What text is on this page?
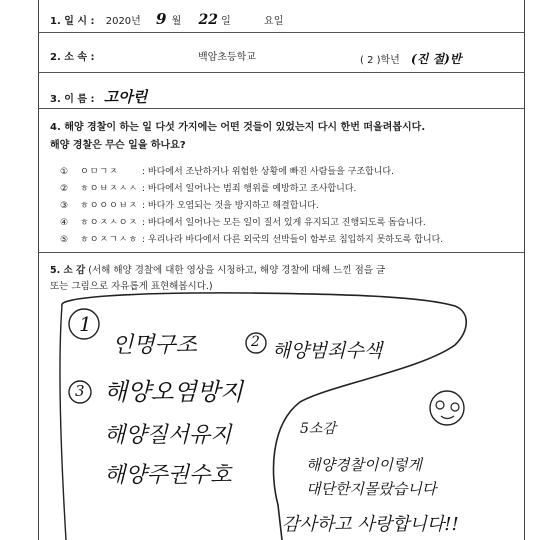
1. 일 시 : 2020년 9 월 22 일	요일
2. 소 속 :	백암초등학교	( 2 )학년 (진 절)반
3. 이 름 : 고아린
4. 해양 경찰이 하는 일 다섯 가지에는 어떤 것들이 있었는지 다시 한번 떠올려봅시다.
해양 경찰은 무슨 일을 하나요?
① ㅇㅁㄱㅈ	: 바다에서 조난하거나 위험한 상황에 빠진 사람들을 구조합니다.
② ㅎㅇㅂㅈㅅㅅ : 바다에서 일어나는 범죄 행위를 예방하고 조사합니다.
③ ㅎㅇㅇㅇㅂㅈ : 바다가 오염되는 것을 방지하고 해결합니다.
④ ㅎㅇㅈㅅㅇㅈ : 바다에서 일어나는 모든 일이 질서 있게 유지되고 진행되도록 돕습니다.
⑤ ㅎㅇㅈㄱㅅㅎ : 우리나라 바다에서 다른 외국의 선박들이 함부로 침입하지 못하도록 합니다.
5. 소 감 (서해 해양 경찰에 대한 영상을 시청하고, 해양 경찰에 대해 느낀 점을 글
또는 그림으로 자유롭게 표현해봅시다.)
1
인명구조	2 해양범죄수색
3 해양오염방지
해양질서유지
해양주권수호
5소감
해양경찰이이렇게
대단한지몰랐습니다
감사하고 사랑합니다!!
